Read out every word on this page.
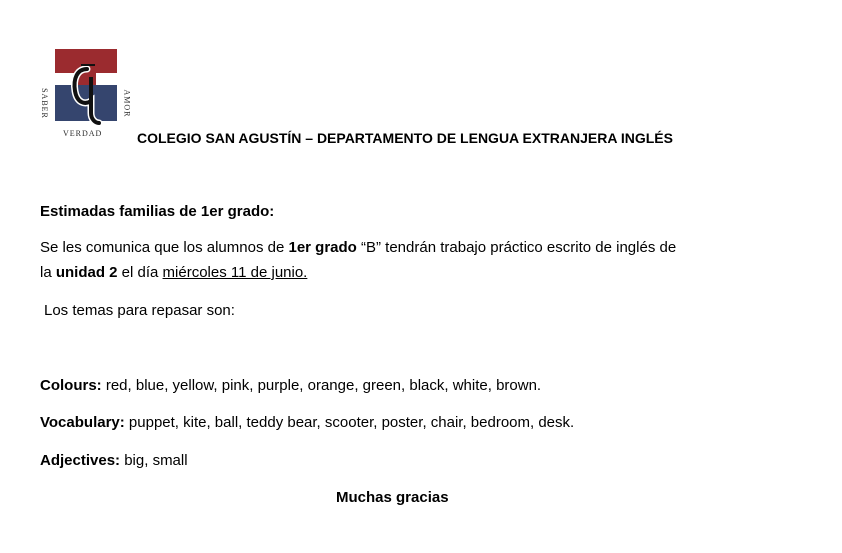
SABER	AMOR
VERDAD COLEGIO SAN AGUSTÍN – DEPARTAMENTO DE LENGUA EXTRANJERA INGLÉS
Estimadas familias de 1er grado:
Se les comunica que los alumnos de 1er grado “B” tendrán trabajo práctico escrito de inglés de
la unidad 2 el día miércoles 11 de junio.
Los temas para repasar son:
Colours: red, blue, yellow, pink, purple, orange, green, black, white, brown.
Vocabulary: puppet, kite, ball, teddy bear, scooter, poster, chair, bedroom, desk.
Adjectives: big, small
Muchas gracias
